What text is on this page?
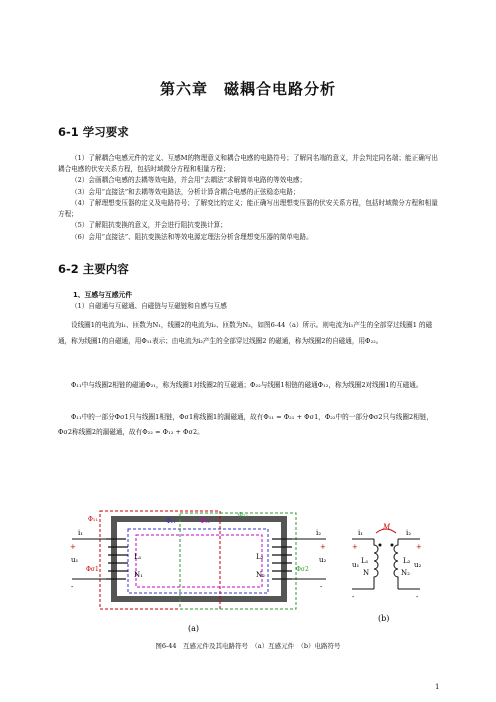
第六章　磁耦合电路分析
6-1 学习要求
（1）了解耦合电感元件的定义、互感M的物理意义和耦合电感的电路符号；了解同名端的意义，并会判定同名端；能正确写出耦合电感的伏安关系方程，包括时域微分方程和相量方程；
（2）会画耦合电感的去耦等效电路，并会用“去耦法”求解简单电路的等效电感；
（3）会用“直接法”和去耦等效电路法，分析计算含耦合电感的正弦稳态电路；
（4）了解理想变压器的定义及电路符号；了解变比的定义；能正确写出理想变压器的伏安关系方程，包括时域微分方程和相量方程；
（5）了解阻抗变换的意义，并会进行阻抗变换计算；
（6）会用“直接法”、阻抗变换法和等效电源定理法分析含理想变压器的简单电路。
6-2 主要内容
1、互感与互感元件
（1）自磁通与互磁通、自磁链与互磁链和自感与互感
设线圈1的电流为i₁、匝数为N₁，线圈2的电流为i₂、匝数为N₂，如图6-44（a）所示。则电流为i₁产生的全部穿过线圈1 的磁通，称为线圈1的自磁通，用Φ₁₁表示；由电流为i₂产生的全部穿过线圈2 的磁通，称为线圈2的自磁通，用Φ₂₂。
Φ₁₁中与线圈2相链的磁通Φ₂₁，称为线圈1对线圈2的互磁通；Φ₂₂与线圈1相链的磁通Φ₁₂，称为线圈2对线圈1的互磁通。
Φ₁₁中的一部分Φσ1只与线圈1相链，Φσ1称线圈1的漏磁通，故有Φ₁₁ = Φ₂₁ + Φσ1，Φ₂₂中的一部分Φσ2只与线圈2相链，Φσ2称线圈2的漏磁通，故有Φ₂₂ = Φ₁₂ + Φσ2。
i₁	i₂
+
u₁
-
+
u₂
-
L₁
N₁
L₂
N₂
Φ₁₁	Φ₂₁	Φ₁₂
Φ₂₂
Φσ1	Φσ2
(a)
M
i₁	i₂
+
u₁
-
+
u₂
-
L₁
N
L₂
N₂
(b)
图6-44　互感元件及其电路符号　（a）互感元件　（b）电路符号
1
